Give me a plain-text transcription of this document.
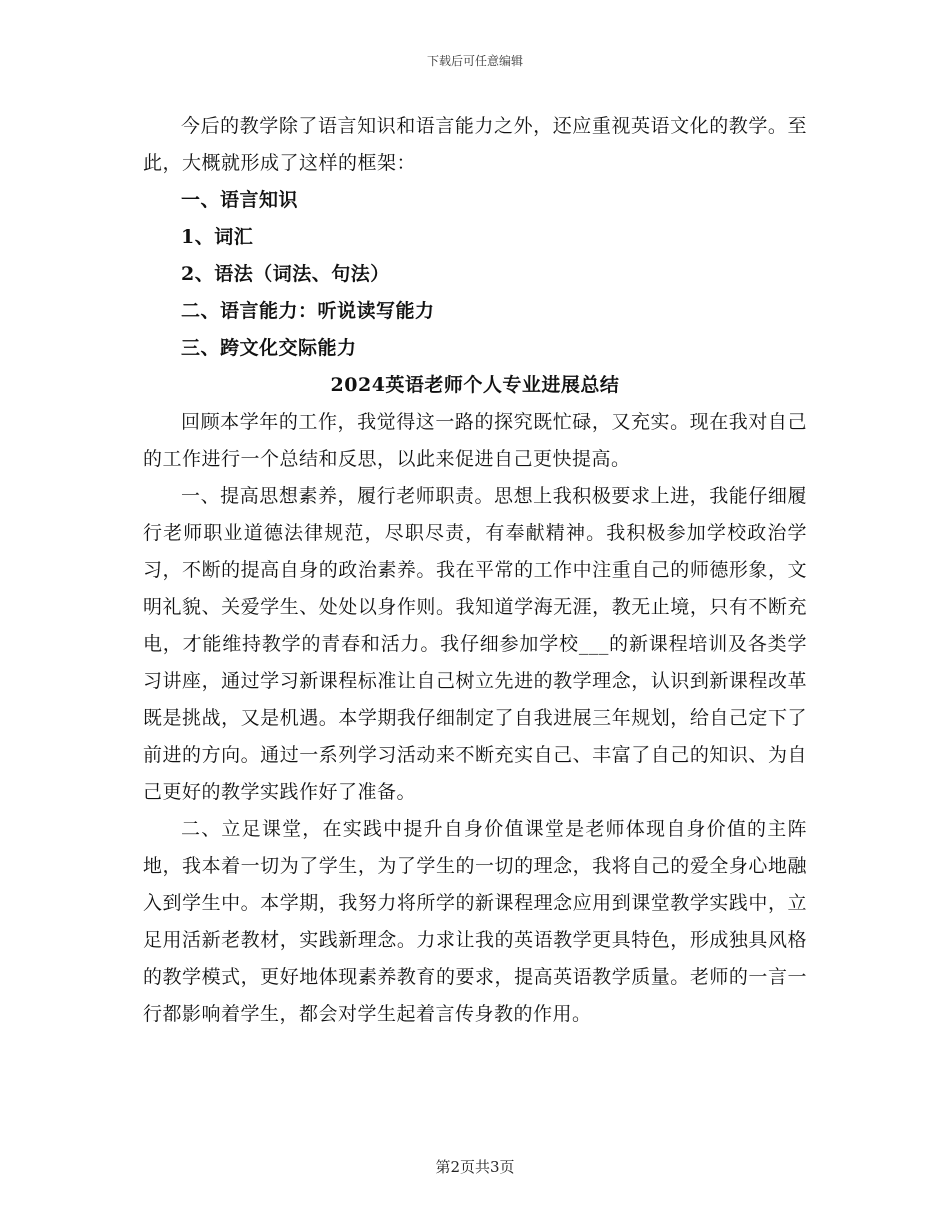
下载后可任意编辑

今后的教学除了语言知识和语言能力之外，还应重视英语文化的教学。至此，大概就形成了这样的框架：

一、语言知识

1、词汇

2、语法（词法、句法）

二、语言能力：听说读写能力

三、跨文化交际能力

2024英语老师个人专业进展总结

回顾本学年的工作，我觉得这一路的探究既忙碌，又充实。现在我对自己的工作进行一个总结和反思，以此来促进自己更快提高。

一、提高思想素养，履行老师职责。思想上我积极要求上进，我能仔细履行老师职业道德法律规范，尽职尽责，有奉献精神。我积极参加学校政治学习，不断的提高自身的政治素养。我在平常的工作中注重自己的师德形象，文明礼貌、关爱学生、处处以身作则。我知道学海无涯，教无止境，只有不断充电，才能维持教学的青春和活力。我仔细参加学校___的新课程培训及各类学习讲座，通过学习新课程标准让自己树立先进的教学理念，认识到新课程改革既是挑战，又是机遇。本学期我仔细制定了自我进展三年规划，给自己定下了前进的方向。通过一系列学习活动来不断充实自己、丰富了自己的知识、为自己更好的教学实践作好了准备。

二、立足课堂，在实践中提升自身价值课堂是老师体现自身价值的主阵地，我本着一切为了学生，为了学生的一切的理念，我将自己的爱全身心地融入到学生中。本学期，我努力将所学的新课程理念应用到课堂教学实践中，立足用活新老教材，实践新理念。力求让我的英语教学更具特色，形成独具风格的教学模式，更好地体现素养教育的要求，提高英语教学质量。老师的一言一行都影响着学生，都会对学生起着言传身教的作用。

第2页共3页
